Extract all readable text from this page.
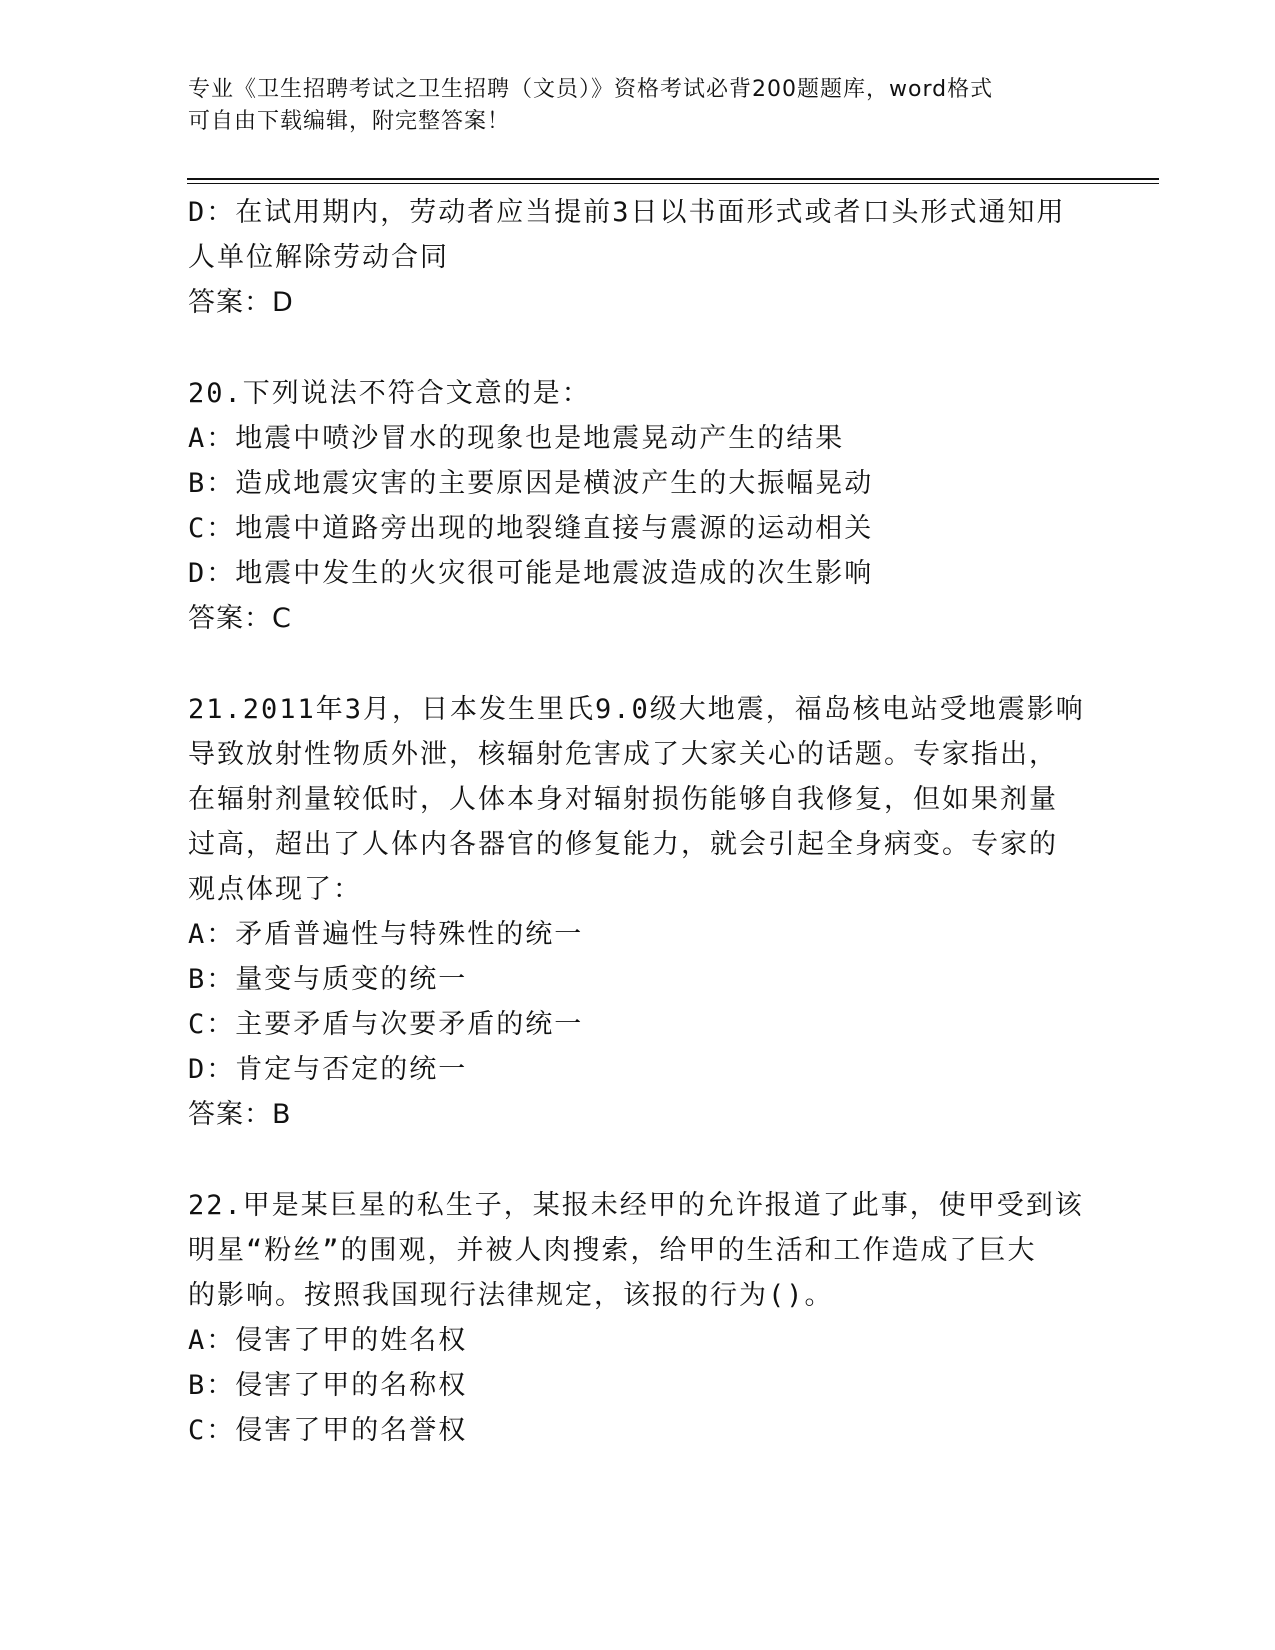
专业《卫生招聘考试之卫生招聘（文员）》资格考试必背200题题库，word格式
可自由下载编辑，附完整答案！
D：在试用期内，劳动者应当提前3日以书面形式或者口头形式通知用
人单位解除劳动合同
答案：D
20.下列说法不符合文意的是：
A：地震中喷沙冒水的现象也是地震晃动产生的结果
B：造成地震灾害的主要原因是横波产生的大振幅晃动
C：地震中道路旁出现的地裂缝直接与震源的运动相关
D：地震中发生的火灾很可能是地震波造成的次生影响
答案：C
21.2011年3月，日本发生里氏9.0级大地震，福岛核电站受地震影响
导致放射性物质外泄，核辐射危害成了大家关心的话题。专家指出，
在辐射剂量较低时，人体本身对辐射损伤能够自我修复，但如果剂量
过高，超出了人体内各器官的修复能力，就会引起全身病变。专家的
观点体现了：
A：矛盾普遍性与特殊性的统一
B：量变与质变的统一
C：主要矛盾与次要矛盾的统一
D：肯定与否定的统一
答案：B
22.甲是某巨星的私生子，某报未经甲的允许报道了此事，使甲受到该
明星“粉丝”的围观，并被人肉搜索，给甲的生活和工作造成了巨大
的影响。按照我国现行法律规定，该报的行为()。
A：侵害了甲的姓名权
B：侵害了甲的名称权
C：侵害了甲的名誉权
